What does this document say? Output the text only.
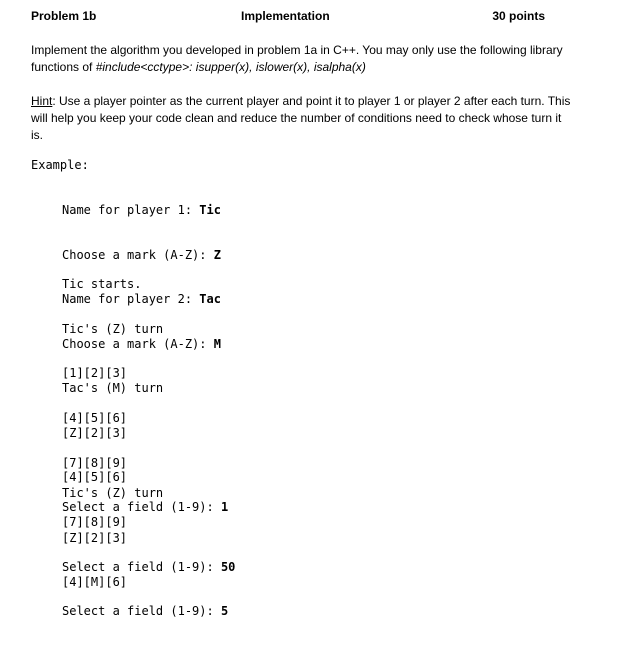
Problem 1b	Implementation	30 points
Implement the algorithm you developed in problem 1a in C++. You may only use the following library functions of #include<cctype>: isupper(x), islower(x), isalpha(x)
Hint: Use a player pointer as the current player and point it to player 1 or player 2 after each turn. This will help you keep your code clean and reduce the number of conditions need to check whose turn it is.
Example:

Name for player 1: Tic

Choose a mark (A-Z): Z

Name for player 2: Tac

Choose a mark (A-Z): M

Tic starts.

Tic's (Z) turn

[1][2][3]

[4][5][6]

[7][8][9]

Select a field (1-9): 1

Tac's (M) turn

[Z][2][3]

[4][5][6]

[7][8][9]

Select a field (1-9): 50

Select a field (1-9): 5

Tic's (Z) turn

[Z][2][3]

[4][M][6]
